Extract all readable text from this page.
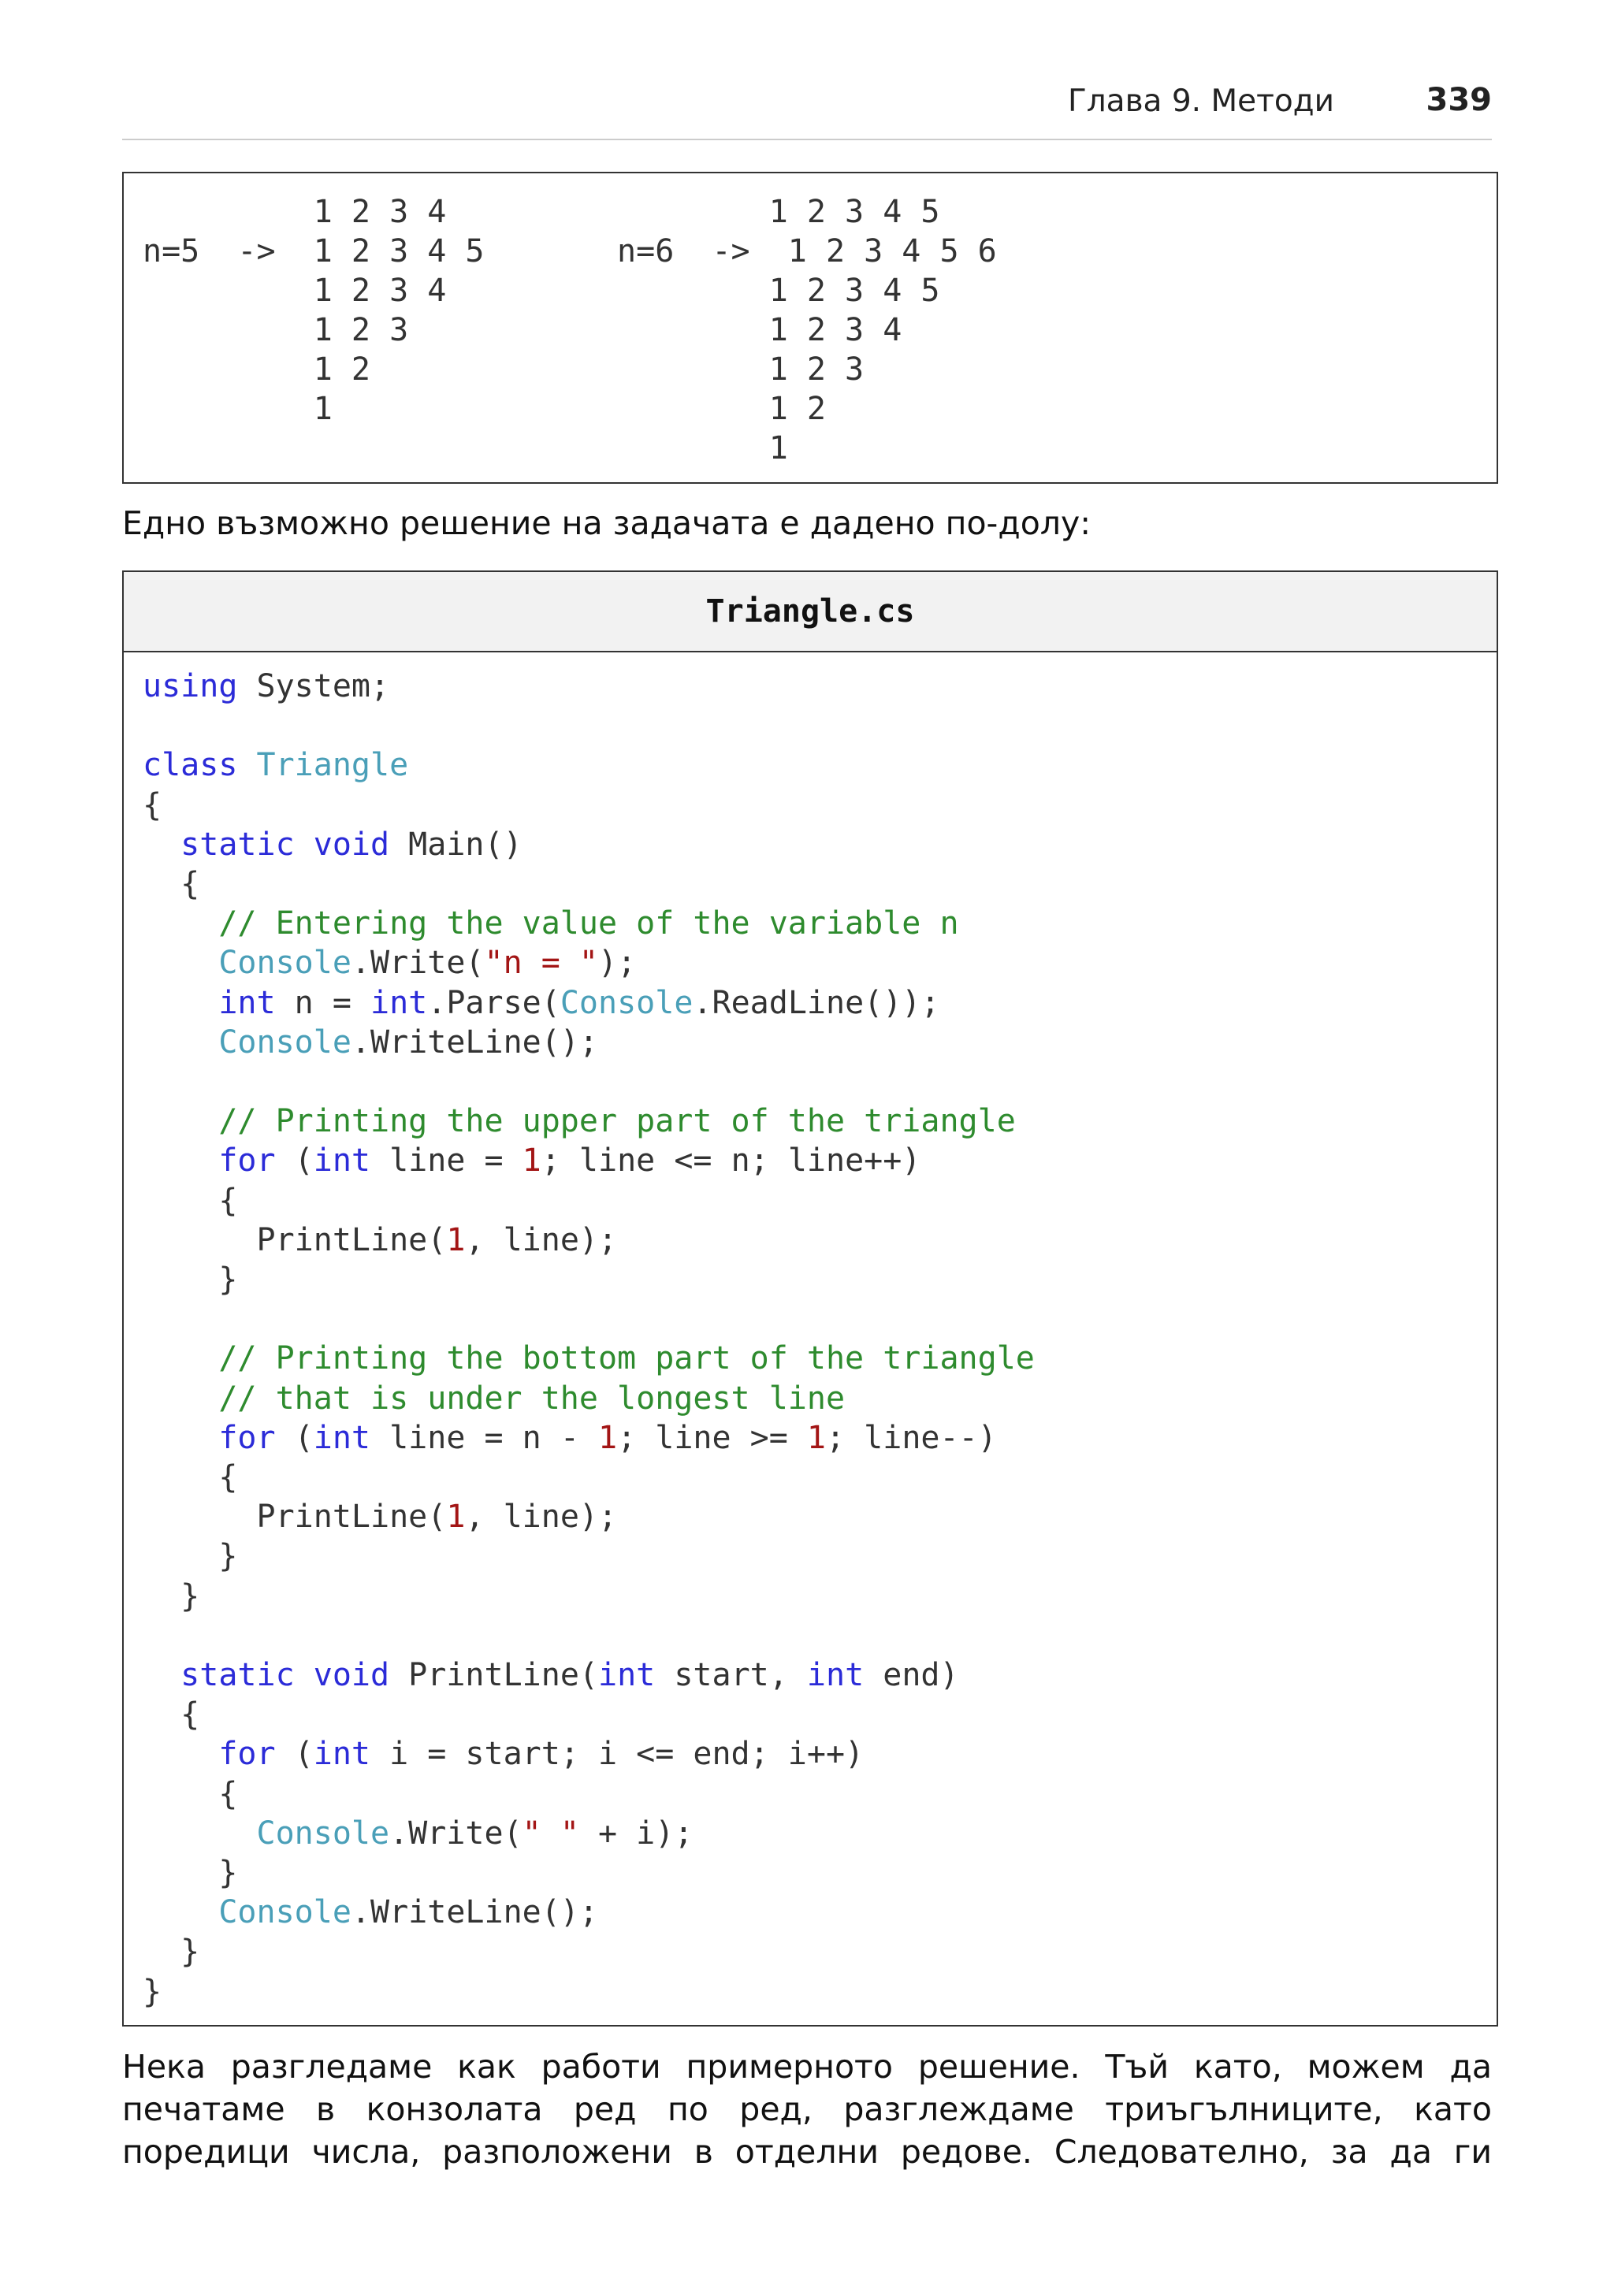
Глава 9. Методи	339
1 2 3 4                 1 2 3 4 5
n=5  ->  1 2 3 4 5       n=6  ->  1 2 3 4 5 6
1 2 3 4                 1 2 3 4 5
1 2 3                   1 2 3 4
1 2                     1 2 3
1                       1 2
1
Едно възможно решение на задачата е дадено по-долу:
Triangle.cs
using System;
class Triangle
{
static void Main()
{
// Entering the value of the variable n
Console.Write("n = ");
int n = int.Parse(Console.ReadLine());
Console.WriteLine();
// Printing the upper part of the triangle
for (int line = 1; line <= n; line++)
{
PrintLine(1, line);
}
// Printing the bottom part of the triangle
// that is under the longest line
for (int line = n - 1; line >= 1; line--)
{
PrintLine(1, line);
}
}
static void PrintLine(int start, int end)
{
for (int i = start; i <= end; i++)
{
Console.Write(" " + i);
}
Console.WriteLine();
}
}
Нека разгледаме как работи примерното решение. Тъй като, можем да
печатаме в конзолата ред по ред, разглеждаме триъгълниците, като
поредици числа, разположени в отделни редове. Следователно, за да ги
